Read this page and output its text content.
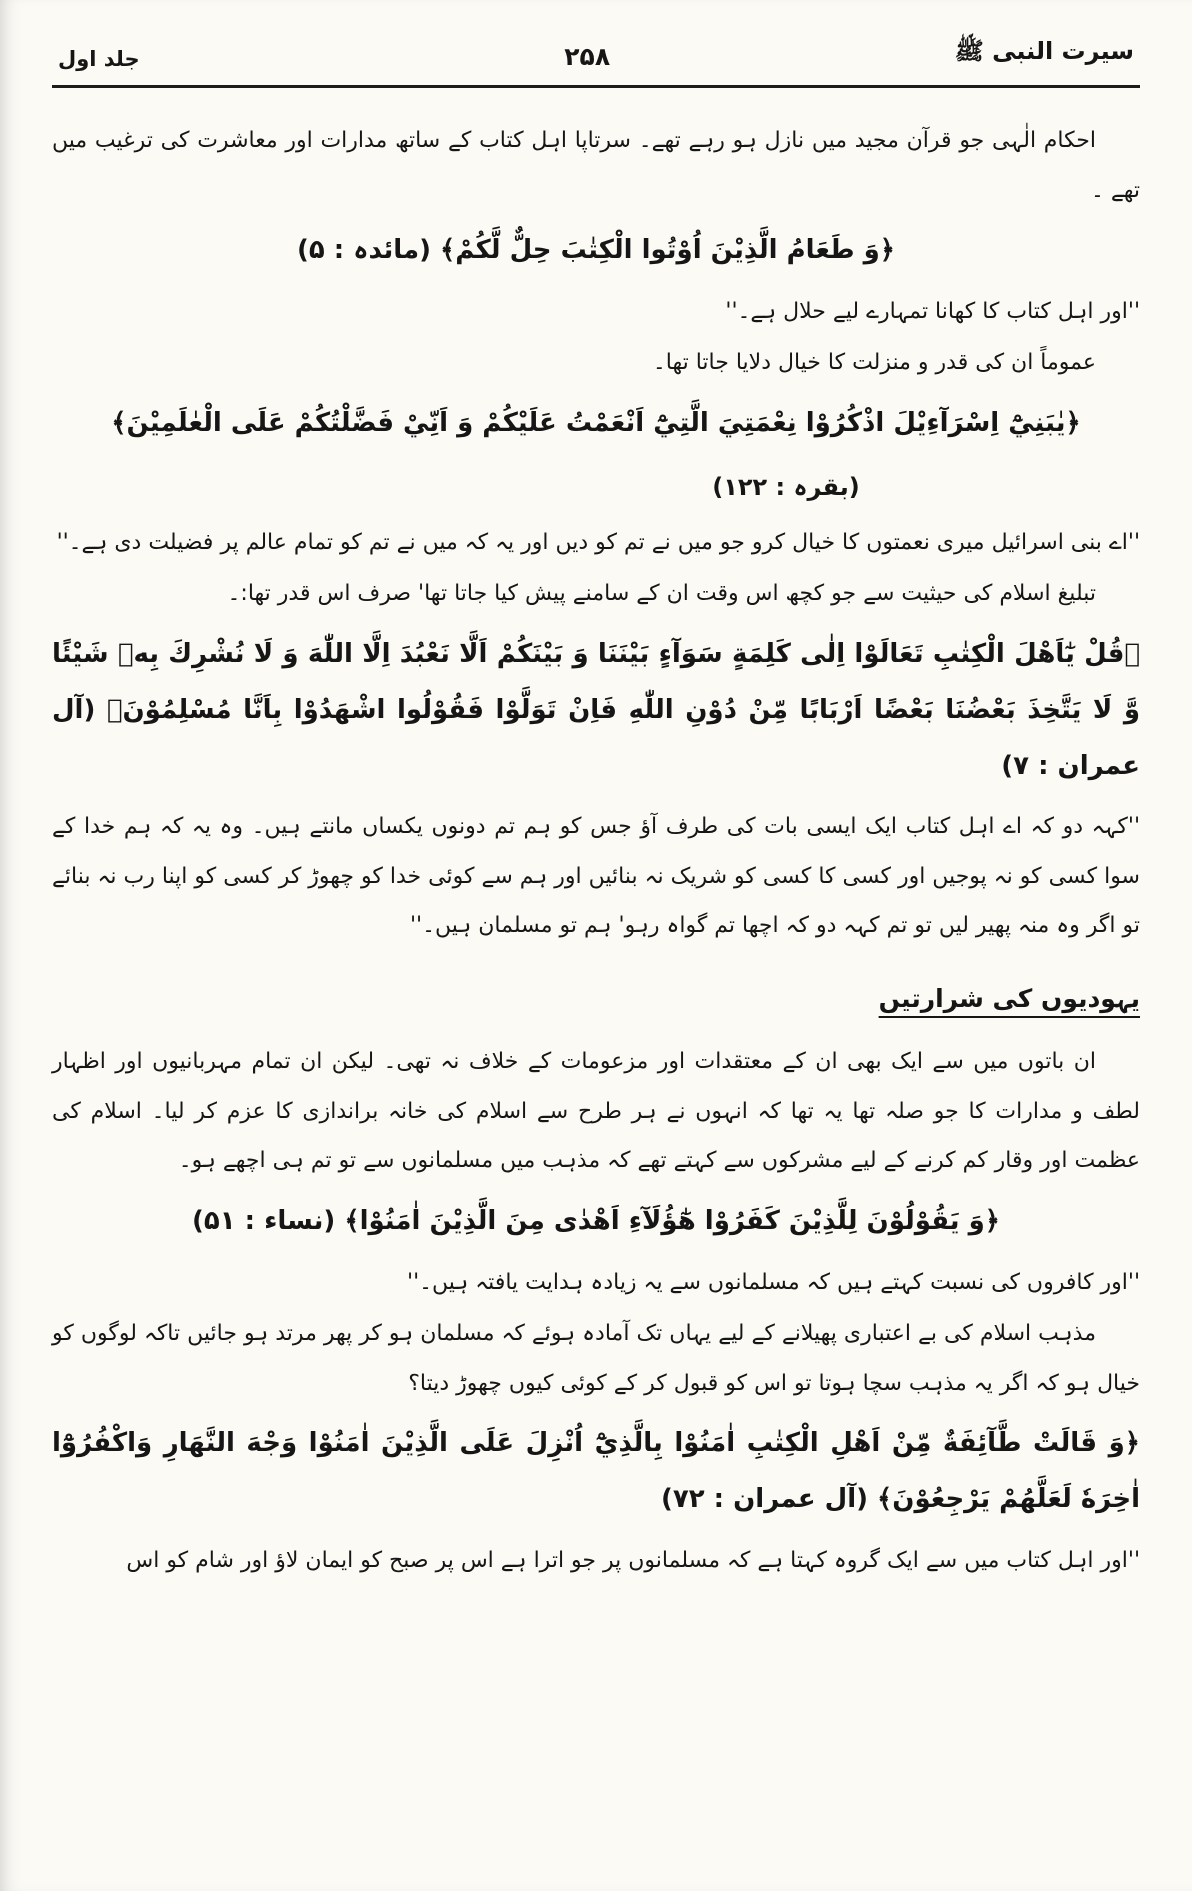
سیرت النبی ﷺ
۲۵۸
جلد اول

احکام الٰہی جو قرآن مجید میں نازل ہو رہے تھے۔ سرتاپا اہل کتاب کے ساتھ مدارات اور معاشرت کی ترغیب میں تھے ۔

﴿وَ طَعَامُ الَّذِيْنَ اُوْتُوا الْكِتٰبَ حِلٌّ لَّكُمْ﴾ (مائدہ : ۵)

''اور اہل کتاب کا کھانا تمہارے لیے حلال ہے۔''

عموماً ان کی قدر و منزلت کا خیال دلایا جاتا تھا۔

﴿يٰبَنِيْٓ اِسْرَآءِيْلَ اذْكُرُوْا نِعْمَتِيَ الَّتِيْٓ اَنْعَمْتُ عَلَيْكُمْ وَ اَنِّيْ فَضَّلْتُكُمْ عَلَى الْعٰلَمِيْنَ﴾
(بقرہ : ۱۲۲)

''اے بنی اسرائیل میری نعمتوں کا خیال کرو جو میں نے تم کو دیں اور یہ کہ میں نے تم کو تمام عالم پر فضیلت دی ہے۔''

تبلیغ اسلام کی حیثیت سے جو کچھ اس وقت ان کے سامنے پیش کیا جاتا تھا' صرف اس قدر تھا:۔

﴿قُلْ يٰٓاَهْلَ الْكِتٰبِ تَعَالَوْا اِلٰى كَلِمَةٍ سَوَآءٍ بَيْنَنَا وَ بَيْنَكُمْ اَلَّا نَعْبُدَ اِلَّا اللّٰهَ وَ لَا نُشْرِكَ بِهٖ شَيْئًا وَّ لَا يَتَّخِذَ بَعْضُنَا بَعْضًا اَرْبَابًا مِّنْ دُوْنِ اللّٰهِ فَاِنْ تَوَلَّوْا فَقُوْلُوا اشْهَدُوْا بِاَنَّا مُسْلِمُوْنَ﴾ (آل عمران : ۷)

''کہہ دو کہ اے اہل کتاب ایک ایسی بات کی طرف آؤ جس کو ہم تم دونوں یکساں مانتے ہیں۔ وہ یہ کہ ہم خدا کے سوا کسی کو نہ پوجیں اور کسی کا کسی کو شریک نہ بنائیں اور ہم سے کوئی خدا کو چھوڑ کر کسی کو اپنا رب نہ بنائے تو اگر وہ منہ پھیر لیں تو تم کہہ دو کہ اچھا تم گواہ رہو' ہم تو مسلمان ہیں۔''

یہودیوں کی شرارتیں

ان باتوں میں سے ایک بھی ان کے معتقدات اور مزعومات کے خلاف نہ تھی۔ لیکن ان تمام مہربانیوں اور اظہار لطف و مدارات کا جو صلہ تھا یہ تھا کہ انہوں نے ہر طرح سے اسلام کی خانہ براندازی کا عزم کر لیا۔ اسلام کی عظمت اور وقار کم کرنے کے لیے مشرکوں سے کہتے تھے کہ مذہب میں مسلمانوں سے تو تم ہی اچھے ہو۔

﴿وَ يَقُوْلُوْنَ لِلَّذِيْنَ كَفَرُوْا هٰٓؤُلَآءِ اَهْدٰى مِنَ الَّذِيْنَ اٰمَنُوْا﴾ (نساء : ۵۱)

''اور کافروں کی نسبت کہتے ہیں کہ مسلمانوں سے یہ زیادہ ہدایت یافتہ ہیں۔''

مذہب اسلام کی بے اعتباری پھیلانے کے لیے یہاں تک آمادہ ہوئے کہ مسلمان ہو کر پھر مرتد ہو جائیں تاکہ لوگوں کو خیال ہو کہ اگر یہ مذہب سچا ہوتا تو اس کو قبول کر کے کوئی کیوں چھوڑ دیتا؟

﴿وَ قَالَتْ طَّآئِفَةٌ مِّنْ اَهْلِ الْكِتٰبِ اٰمَنُوْا بِالَّذِيْٓ اُنْزِلَ عَلَى الَّذِيْنَ اٰمَنُوْا وَجْهَ النَّهَارِ وَاكْفُرُوْٓا اٰخِرَهٗ لَعَلَّهُمْ يَرْجِعُوْنَ﴾ (آل عمران : ۷۲)

''اور اہل کتاب میں سے ایک گروہ کہتا ہے کہ مسلمانوں پر جو اترا ہے اس پر صبح کو ایمان لاؤ اور شام کو اس
